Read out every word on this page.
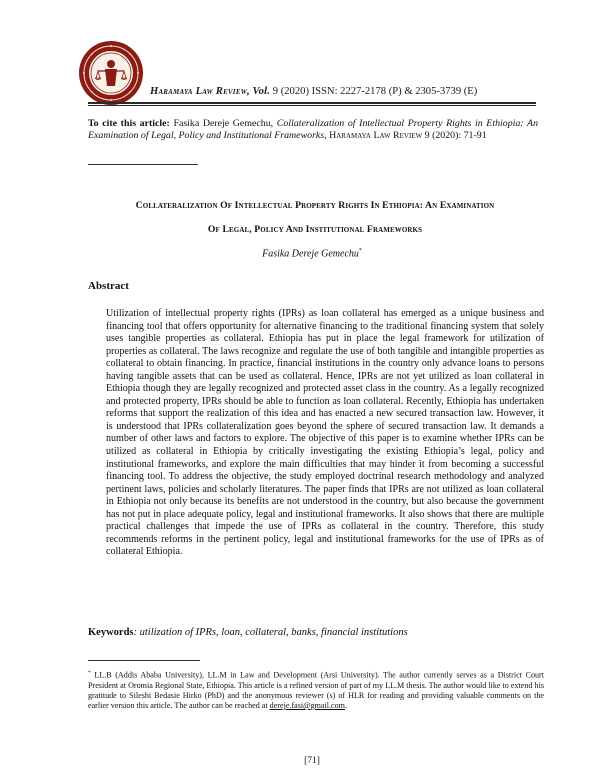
Haramaya Law Review, Vol. 9 (2020) ISSN: 2227-2178 (P) & 2305-3739 (E)
To cite this article: Fasika Dereje Gemechu, Collateralization of Intellectual Property Rights in Ethiopia: An Examination of Legal, Policy and Institutional Frameworks, Haramaya Law Review 9 (2020): 71-91
Collateralization Of Intellectual Property Rights In Ethiopia: An Examination
Of Legal, Policy And Institutional Frameworks
Fasika Dereje Gemechu*
Abstract

Utilization of intellectual property rights (IPRs) as loan collateral has emerged as a unique business and financing tool that offers opportunity for alternative financing to the traditional financing system that solely uses tangible properties as collateral. Ethiopia has put in place the legal framework for utilization of properties as collateral. The laws recognize and regulate the use of both tangible and intangible properties as collateral to obtain financing. In practice, financial institutions in the country only advance loans to persons having tangible assets that can be used as collateral. Hence, IPRs are not yet utilized as loan collateral in Ethiopia though they are legally recognized and protected asset class in the country. As a legally recognized and protected property, IPRs should be able to function as loan collateral. Recently, Ethiopia has undertaken reforms that support the realization of this idea and has enacted a new secured transaction law. However, it is understood that IPRs collateralization goes beyond the sphere of secured transaction law. It demands a number of other laws and factors to explore. The objective of this paper is to examine whether IPRs can be utilized as collateral in Ethiopia by critically investigating the existing Ethiopia’s legal, policy and institutional frameworks, and explore the main difficulties that may hinder it from becoming a successful financing tool. To address the objective, the study employed doctrinal research methodology and analyzed pertinent laws, policies and scholarly literatures. The paper finds that IPRs are not utilized as loan collateral in Ethiopia not only because its benefits are not understood in the country, but also because the government has not put in place adequate policy, legal and institutional frameworks. It also shows that there are multiple practical challenges that impede the use of IPRs as collateral in the country. Therefore, this study recommends reforms in the pertinent policy, legal and institutional frameworks for the use of IPRs as of collateral Ethiopia.

Keywords: utilization of IPRs, loan, collateral, banks, financial institutions
* LL.B (Addis Ababa University), LL.M in Law and Development (Arsi University). The author currently serves as a District Court President at Oromia Regional State, Ethiopia. This article is a refined version of part of my LL.M thesis. The author would like to extend his gratitude to Sileshi Bedasie Hirko (PhD) and the anonymous reviewer (s) of HLR for reading and providing valuable comments on the earlier version this article. The author can be reached at dereje.fasi@gmail.com.
[71]
